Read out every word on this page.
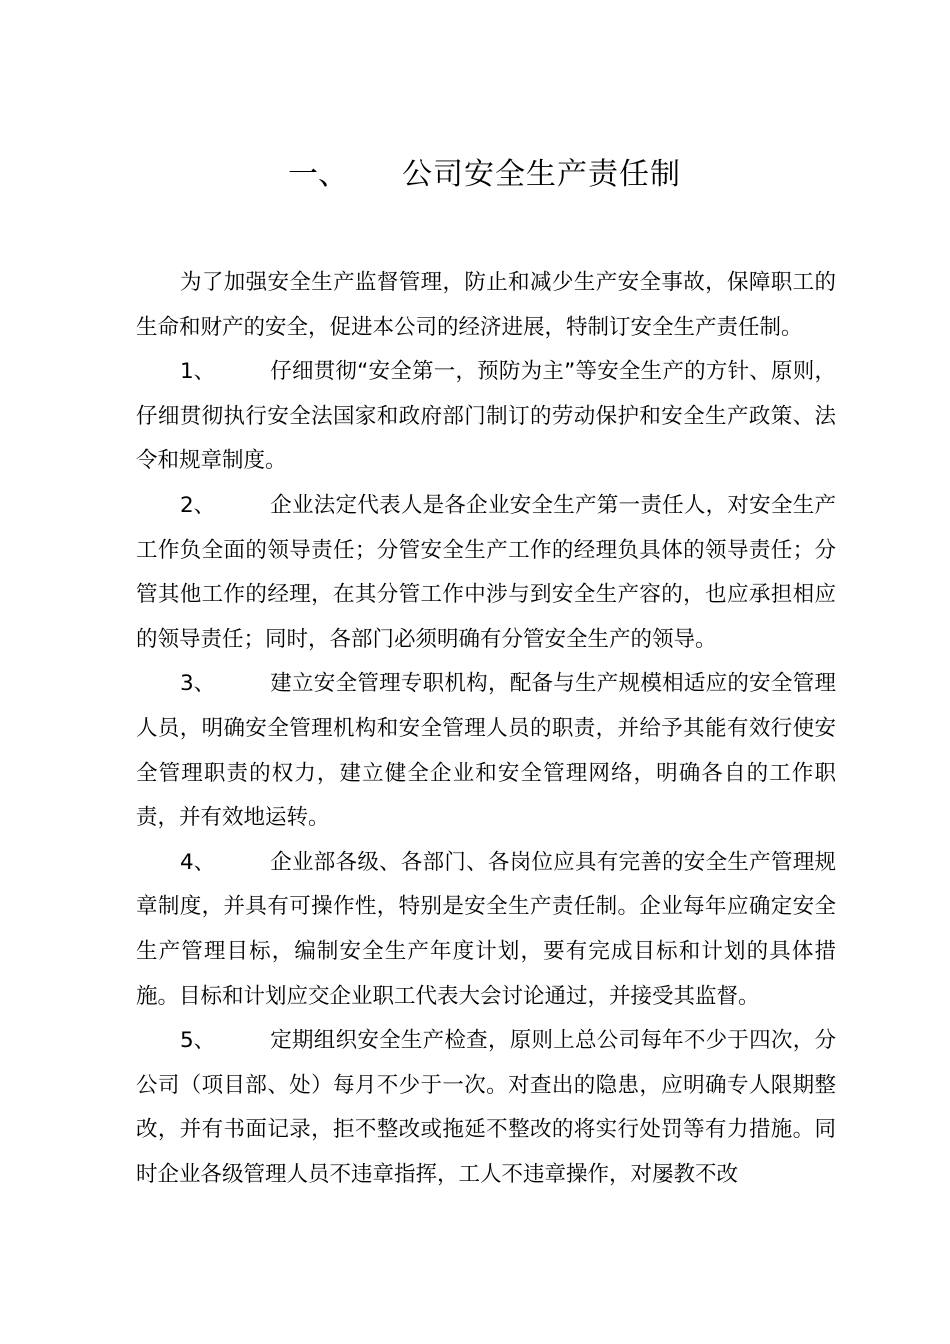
一、 公司安全生产责任制

为了加强安全生产监督管理，防止和减少生产安全事故，保障职工的生命和财产的安全，促进本公司的经济进展，特制订安全生产责任制。

1、	仔细贯彻“安全第一，预防为主”等安全生产的方针、原则，仔细贯彻执行安全法国家和政府部门制订的劳动保护和安全生产政策、法令和规章制度。

2、	企业法定代表人是各企业安全生产第一责任人，对安全生产工作负全面的领导责任；分管安全生产工作的经理负具体的领导责任；分管其他工作的经理，在其分管工作中涉与到安全生产容的，也应承担相应的领导责任；同时，各部门必须明确有分管安全生产的领导。

3、	建立安全管理专职机构，配备与生产规模相适应的安全管理人员，明确安全管理机构和安全管理人员的职责，并给予其能有效行使安全管理职责的权力，建立健全企业和安全管理网络，明确各自的工作职责，并有效地运转。

4、	企业部各级、各部门、各岗位应具有完善的安全生产管理规章制度，并具有可操作性，特别是安全生产责任制。企业每年应确定安全生产管理目标，编制安全生产年度计划，要有完成目标和计划的具体措施。目标和计划应交企业职工代表大会讨论通过，并接受其监督。

5、	定期组织安全生产检查，原则上总公司每年不少于四次，分公司（项目部、处）每月不少于一次。对查出的隐患，应明确专人限期整改，并有书面记录，拒不整改或拖延不整改的将实行处罚等有力措施。同时企业各级管理人员不违章指挥，工人不违章操作，对屡教不改
